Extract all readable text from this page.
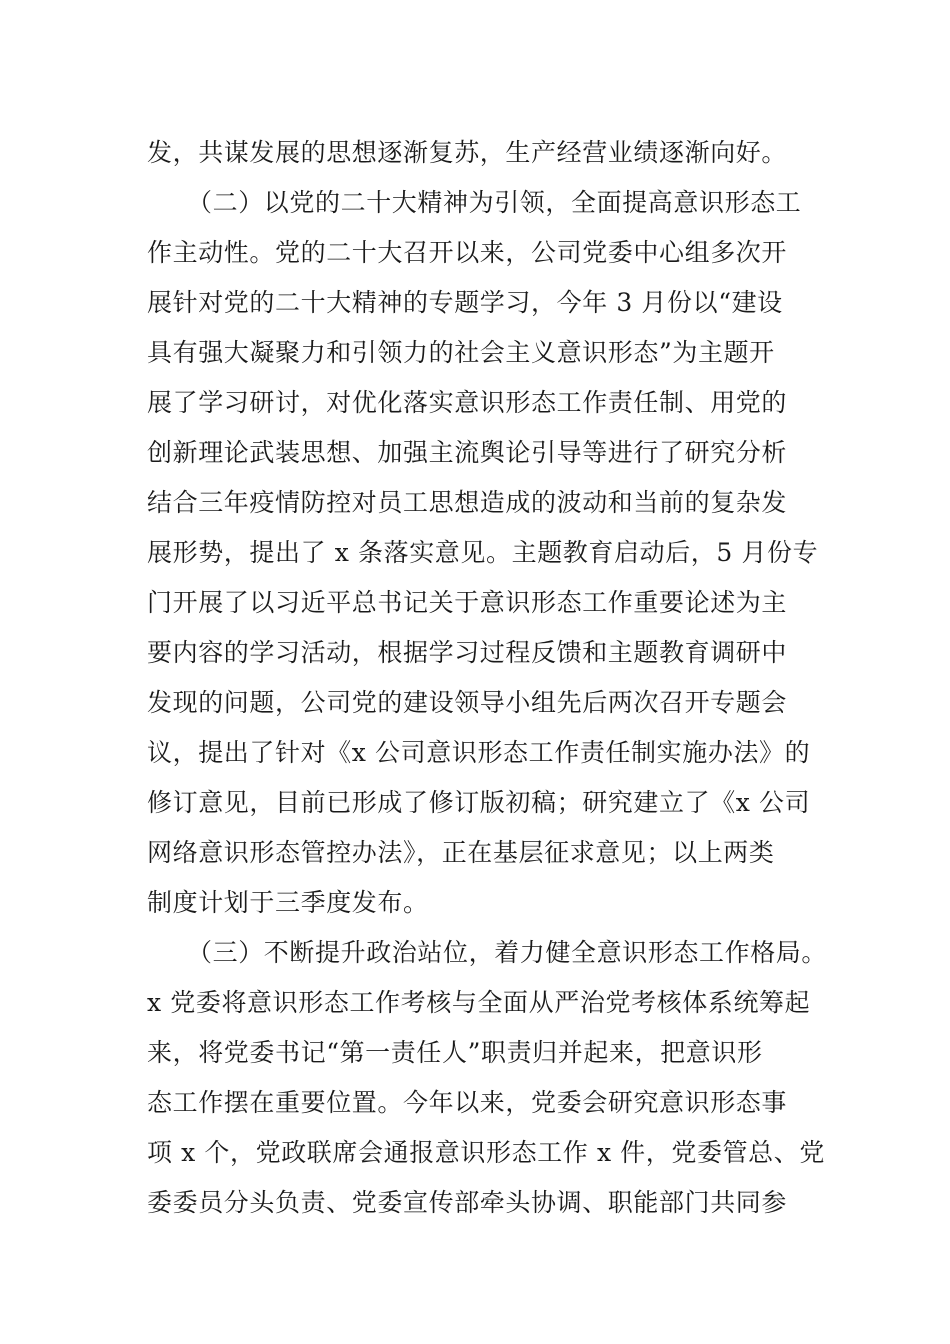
发，共谋发展的思想逐渐复苏，生产经营业绩逐渐向好。
（二）以党的二十大精神为引领，全面提高意识形态工
作主动性。党的二十大召开以来，公司党委中心组多次开
展针对党的二十大精神的专题学习，今年 3 月份以“建设
具有强大凝聚力和引领力的社会主义意识形态”为主题开
展了学习研讨，对优化落实意识形态工作责任制、用党的
创新理论武装思想、加强主流舆论引导等进行了研究分析
结合三年疫情防控对员工思想造成的波动和当前的复杂发
展形势，提出了 x 条落实意见。主题教育启动后，5 月份专
门开展了以习近平总书记关于意识形态工作重要论述为主
要内容的学习活动，根据学习过程反馈和主题教育调研中
发现的问题，公司党的建设领导小组先后两次召开专题会
议，提出了针对《x 公司意识形态工作责任制实施办法》的
修订意见，目前已形成了修订版初稿；研究建立了《x 公司
网络意识形态管控办法》，正在基层征求意见；以上两类
制度计划于三季度发布。
（三）不断提升政治站位，着力健全意识形态工作格局。
x 党委将意识形态工作考核与全面从严治党考核体系统筹起
来，将党委书记“第一责任人”职责归并起来，把意识形
态工作摆在重要位置。今年以来，党委会研究意识形态事
项 x 个，党政联席会通报意识形态工作 x 件，党委管总、党
委委员分头负责、党委宣传部牵头协调、职能部门共同参
